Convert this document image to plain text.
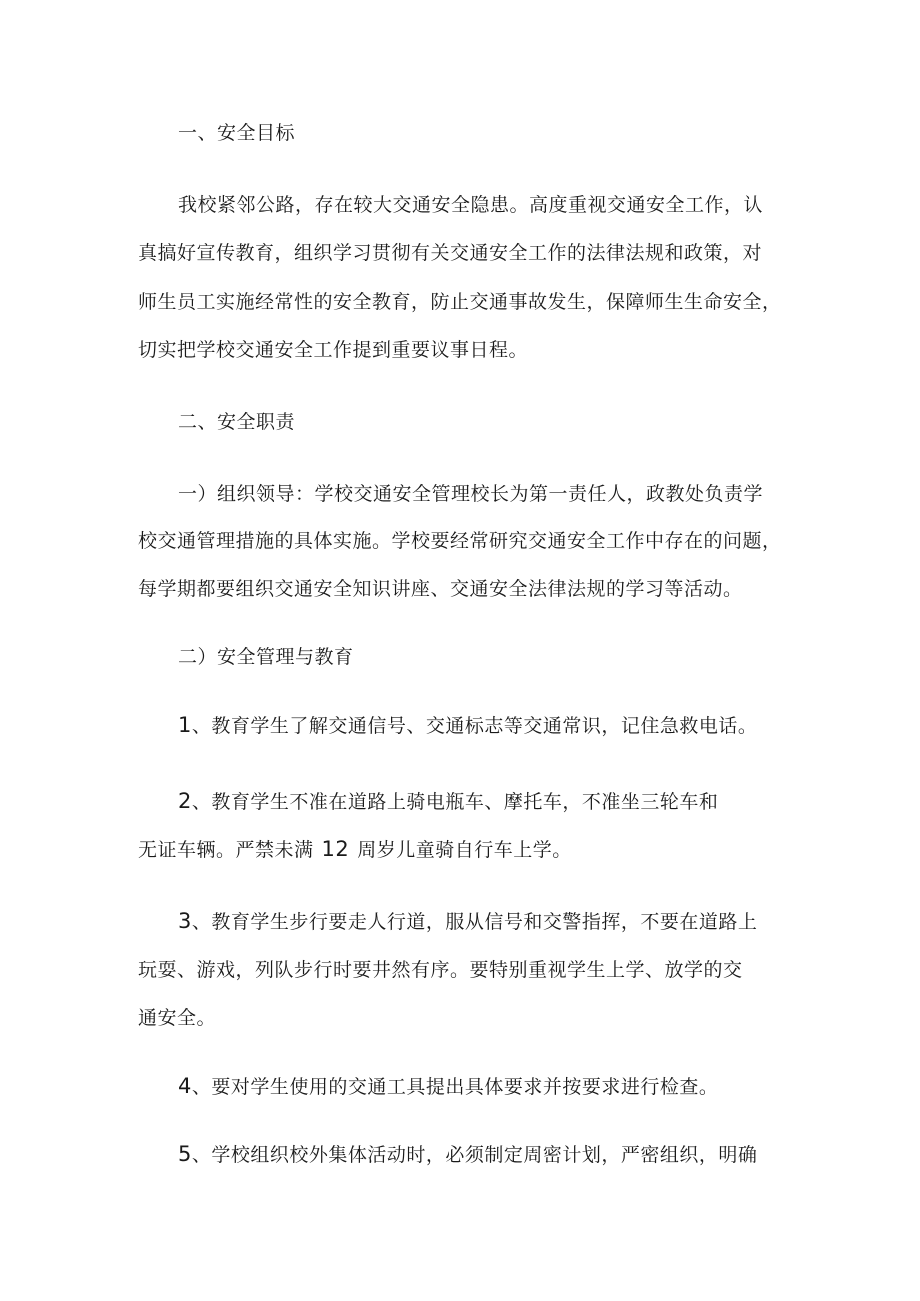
一、安全目标
我校紧邻公路，存在较大交通安全隐患。高度重视交通安全工作，认
真搞好宣传教育，组织学习贯彻有关交通安全工作的法律法规和政策，对
师生员工实施经常性的安全教育，防止交通事故发生，保障师生生命安全，
切实把学校交通安全工作提到重要议事日程。
二、安全职责
一）组织领导：学校交通安全管理校长为第一责任人，政教处负责学
校交通管理措施的具体实施。学校要经常研究交通安全工作中存在的问题，
每学期都要组织交通安全知识讲座、交通安全法律法规的学习等活动。
二）安全管理与教育
1、教育学生了解交通信号、交通标志等交通常识，记住急救电话。
2、教育学生不准在道路上骑电瓶车、摩托车，不准坐三轮车和
无证车辆。严禁未满 12 周岁儿童骑自行车上学。
3、教育学生步行要走人行道，服从信号和交警指挥，不要在道路上
玩耍、游戏，列队步行时要井然有序。要特别重视学生上学、放学的交
通安全。
4、要对学生使用的交通工具提出具体要求并按要求进行检查。
5、学校组织校外集体活动时，必须制定周密计划，严密组织，明确
